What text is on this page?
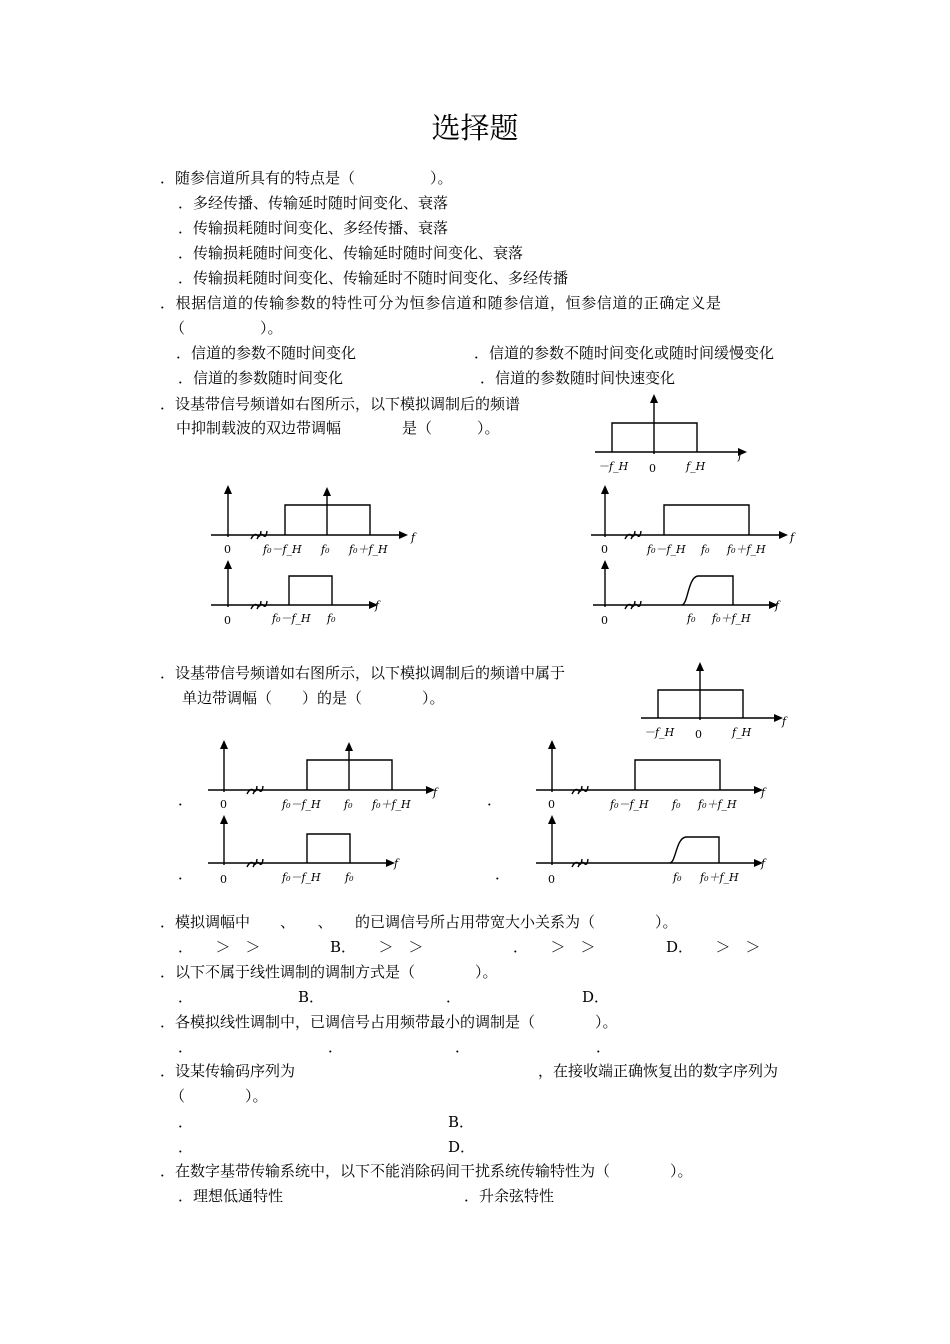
选择题
．随参信道所具有的特点是（　　　　　）。
．多经传播、传输延时随时间变化、衰落
．传输损耗随时间变化、多经传播、衰落
．传输损耗随时间变化、传输延时随时间变化、衰落
．传输损耗随时间变化、传输延时不随时间变化、多经传播
．根据信道的传输参数的特性可分为恒参信道和随参信道，恒参信道的正确定义是
（　　　　　）。
．信道的参数不随时间变化	．信道的参数不随时间变化或随时间缓慢变化
．信道的参数随时间变化	．信道的参数随时间快速变化
．设基带信号频谱如右图所示，以下模拟调制后的频谱
中抑制载波的双边带调幅	是（　　　）。
－f_H 0	f_H
f
0	f₀－f_H f₀ f₀＋f_H
f
0	f₀－f_H f₀ f₀＋f_H
f
0	f₀－f_H f₀
f
0	f₀ f₀＋f_H
f
．设基带信号频谱如右图所示，以下模拟调制后的频谱中属于
单边带调幅（　　）的是（　　　　）。
－f_H 0	f_H
f
． 0	f₀－f_H f₀ f₀＋f_H
f	．	0	f₀－f_H f₀ f₀＋f_H
f
． 0	f₀－f_H f₀
f
．	0	f₀ f₀＋f_H
f
．模拟调幅中　　、　　、　　的已调信号所占用带宽大小关系为（　　　　）。
．　　＞　＞	B．　　＞　＞	．　　＞　＞	D．　　＞　＞
．以下不属于线性调制的调制方式是（　　　　）。
．	B．	．	D．
．各模拟线性调制中，已调信号占用频带最小的调制是（　　　　）。
．	．	．	．
．设某传输码序列为	，在接收端正确恢复出的数字序列为
（　　　　）。
．	B．
．	D．
．在数字基带传输系统中，以下不能消除码间干扰系统传输特性为（　　　　）。
．理想低通特性	．升余弦特性
